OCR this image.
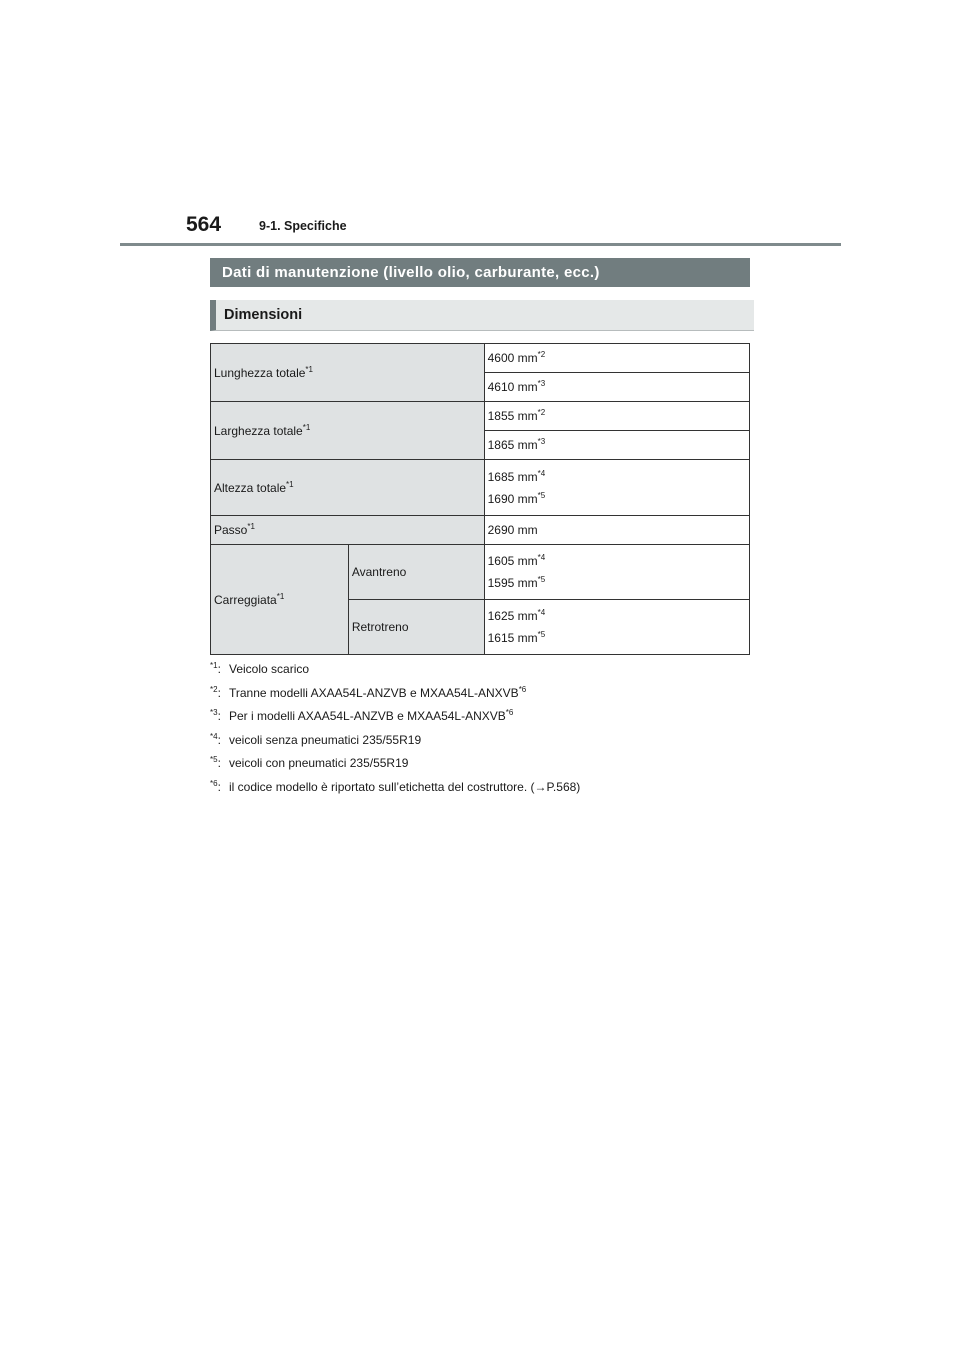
564	9-1. Specifiche
Dati di manutenzione (livello olio, carburante, ecc.)
Dimensioni
Lunghezza totale$^{*1}$		4600 $mm^{*2}$
		4610 $mm^{*3}$
Larghezza totale$^{*1}$		1855 $mm^{*2}$
		1865 $mm^{*3}$
Altezza totale$^{*1}$		1685 $mm^{*4}$
1690 $mm^{*5}$

Passo$^{*1}$		2690 mm
Carreggiata$^{*1}$	Avantreno	1605 $mm^{*4}$
1595 $mm^{*5}$

	Retrotreno	1625 $mm^{*4}$
1615 $mm^{*5}$
$^{*1}$: Veicolo scarico
$^{*2}$: Tranne modelli AXAA54L-ANZVB e MXAA54L-ANXVB$^{*6}$
$^{*3}$: Per i modelli AXAA54L-ANZVB e MXAA54L-ANXVB$^{*6}$
$^{*4}$: veicoli senza pneumatici 235/55R19
$^{*5}$: veicoli con pneumatici 235/55R19
$^{*6}$: il codice modello è riportato sull’etichetta del costruttore. (→P.568)
